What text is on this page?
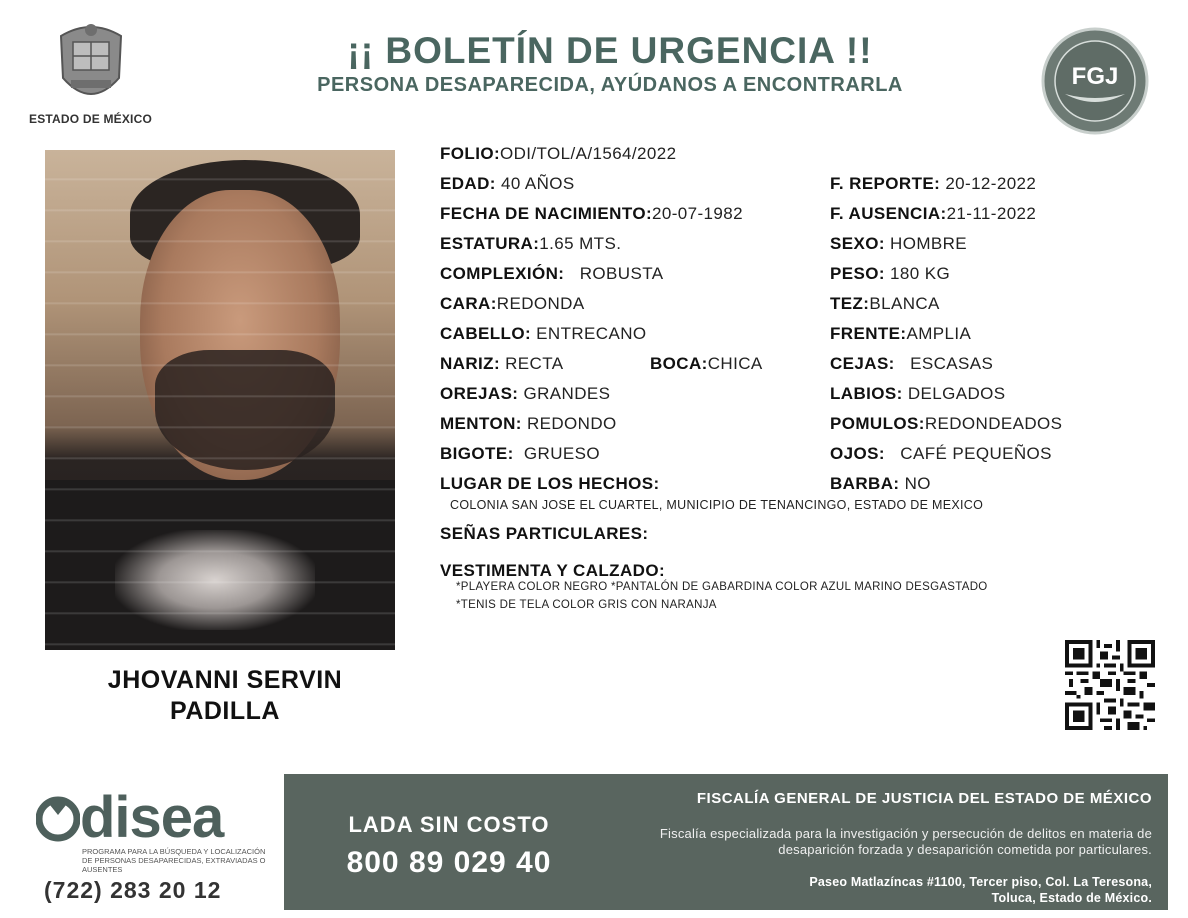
ESTADO DE MÉXICO
¡¡ BOLETÍN DE URGENCIA !!
PERSONA DESAPARECIDA, AYÚDANOS A ENCONTRARLA	FGJ
JHOVANNI SERVIN
PADILLA
FOLIO:ODI/TOL/A/1564/2022
EDAD: 40 AÑOS
FECHA DE NACIMIENTO:20-07-1982
ESTATURA:1.65 MTS.
COMPLEXIÓN: ROBUSTA
CARA:REDONDA
CABELLO: ENTRECANO
NARIZ: RECTA	BOCA:CHICA
OREJAS: GRANDES
MENTON: REDONDO
BIGOTE: GRUESO
LUGAR DE LOS HECHOS:
COLONIA SAN JOSE EL CUARTEL, MUNICIPIO DE TENANCINGO, ESTADO DE MEXICO
SEÑAS PARTICULARES:
VESTIMENTA Y CALZADO:
*PLAYERA COLOR NEGRO *PANTALÓN DE GABARDINA COLOR AZUL MARINO DESGASTADO
*TENIS DE TELA COLOR GRIS CON NARANJA
F. REPORTE: 20-12-2022
F. AUSENCIA:21-11-2022
SEXO: HOMBRE
PESO: 180 KG
TEZ:BLANCA
FRENTE:AMPLIA
CEJAS: ESCASAS
LABIOS: DELGADOS
POMULOS:REDONDEADOS
OJOS: CAFÉ PEQUEÑOS
BARBA: NO
disea
PROGRAMA PARA LA BÚSQUEDA Y LOCALIZACIÓN DE PERSONAS DESAPARECIDAS, EXTRAVIADAS O AUSENTES
(722) 283 20 12
LADA SIN COSTO
800 89 029 40
FISCALÍA GENERAL DE JUSTICIA DEL ESTADO DE MÉXICO
Fiscalía especializada para la investigación y persecución de delitos en materia de desaparición forzada y desaparición cometida por particulares.
Paseo Matlazíncas #1100, Tercer piso, Col. La Teresona,
Toluca, Estado de México.
